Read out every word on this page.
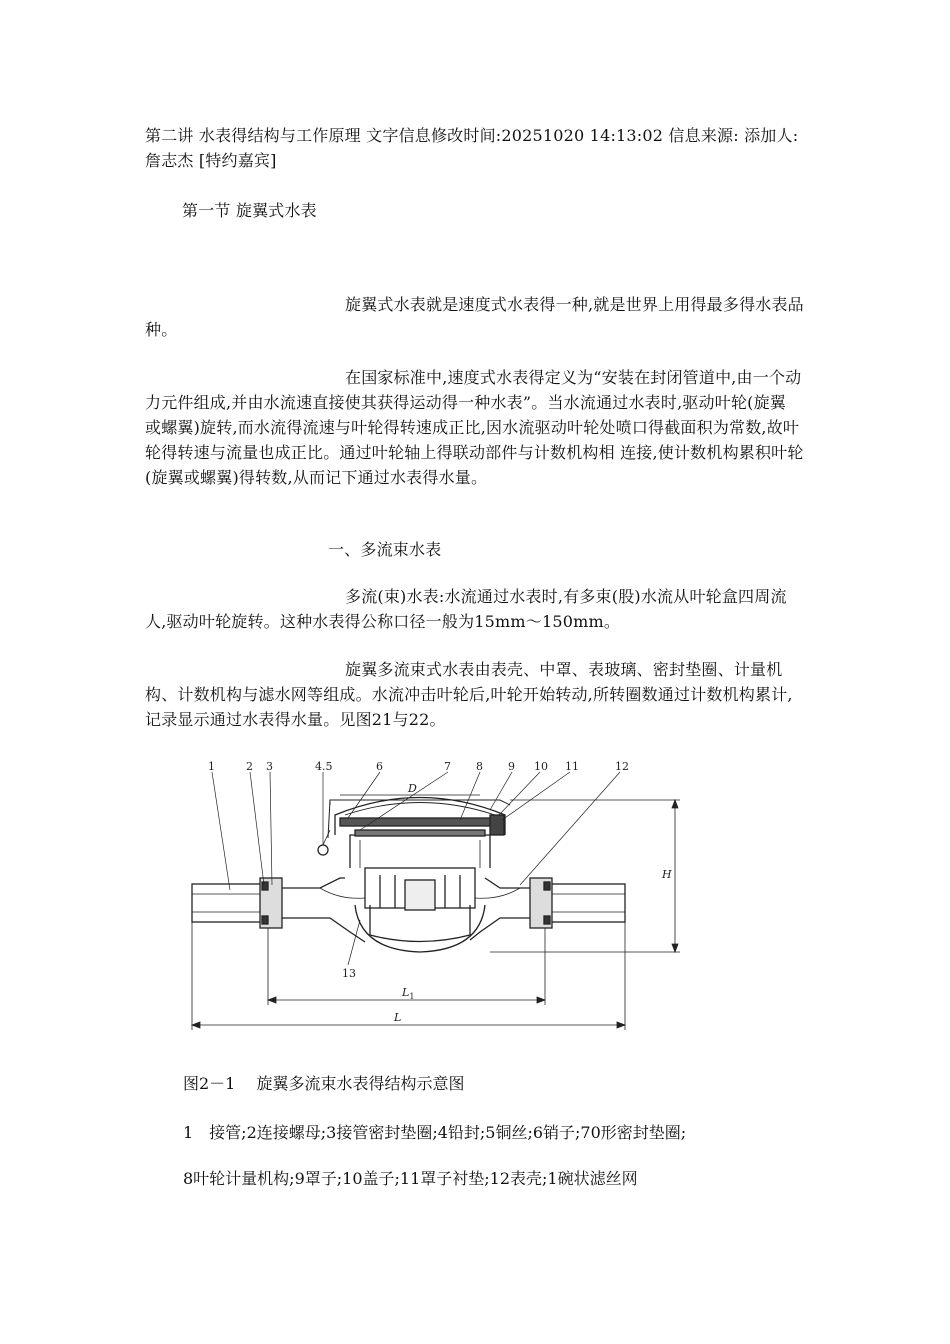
第二讲 水表得结构与工作原理 文字信息修改时间:20251020 14:13:02 信息来源: 添加人:詹志杰 [特约嘉宾]

第一节 旋翼式水表

旋翼式水表就是速度式水表得一种,就是世界上用得最多得水表品种。

在国家标准中,速度式水表得定义为“安装在封闭管道中,由一个动力元件组成,并由水流速直接使其获得运动得一种水表”。当水流通过水表时,驱动叶轮(旋翼 或螺翼)旋转,而水流得流速与叶轮得转速成正比,因水流驱动叶轮处喷口得截面积为常数,故叶轮得转速与流量也成正比。通过叶轮轴上得联动部件与计数机构相 连接,使计数机构累积叶轮(旋翼或螺翼)得转数,从而记下通过水表得水量。

一、多流束水表

多流(束)水表:水流通过水表时,有多束(股)水流从叶轮盒四周流人,驱动叶轮旋转。这种水表得公称口径一般为15mm～150mm。

旋翼多流束式水表由表壳、中罩、表玻璃、密封垫圈、计量机构、计数机构与滤水网等组成。水流冲击叶轮后,叶轮开始转动,所转圈数通过计数机构累计,记录显示通过水表得水量。见图21与22。

1	2 3	4.5	6	7 8 9 10 11	12
13
D
H
$L_1$
L

图2－1　 旋翼多流束水表得结构示意图

1　接管;2连接螺母;3接管密封垫圈;4铅封;5铜丝;6销子;70形密封垫圈;

8叶轮计量机构;9罩子;10盖子;11罩子衬垫;12表壳;1碗状滤丝网
